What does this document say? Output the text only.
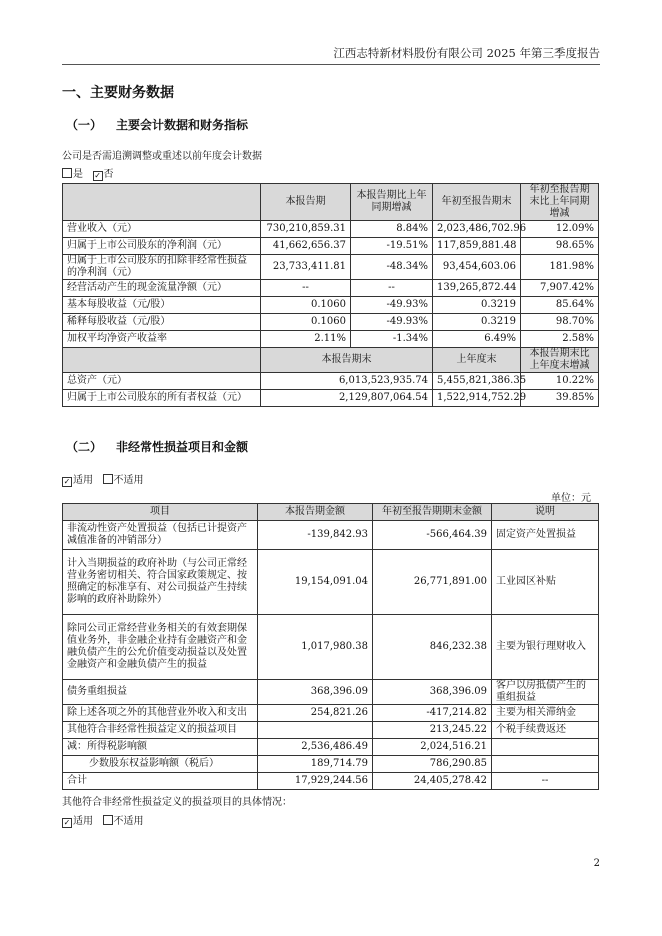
江西志特新材料股份有限公司 2025 年第三季度报告
一、主要财务数据
（一） 主要会计数据和财务指标
公司是否需追溯调整或重述以前年度会计数据
是 ✓ 否
	本报告期	本报告期比上年同期增减	年初至报告期末	年初至报告期末比上年同期增减
营业收入（元）	730,210,859.31	8.84%	2,023,486,702.96	12.09%
归属于上市公司股东的净利润（元）	41,662,656.37	-19.51%	117,859,881.48	98.65%
归属于上市公司股东的扣除非经常性损益的净利润（元）	23,733,411.81	-48.34%	93,454,603.06	181.98%
经营活动产生的现金流量净额（元）	--	--	139,265,872.44	7,907.42%
基本每股收益（元/股）	0.1060	-49.93%	0.3219	85.64%
稀释每股收益（元/股）	0.1060	-49.93%	0.3219	98.70%
加权平均净资产收益率	2.11%	-1.34%	6.49%	2.58%
	本报告期末		上年度末	本报告期末比上年度末增减
总资产（元）	6,013,523,935.74		5,455,821,386.35	10.22%
归属于上市公司股东的所有者权益（元）	2,129,807,064.54		1,522,914,752.29	39.85%
（二） 非经常性损益项目和金额
✓ 适用 不适用
单位：元
项目	本报告期金额	年初至报告期期末金额	说明
非流动性资产处置损益（包括已计提资产减值准备的冲销部分）	-139,842.93	-566,464.39	固定资产处置损益
计入当期损益的政府补助（与公司正常经营业务密切相关、符合国家政策规定、按照确定的标准享有、对公司损益产生持续影响的政府补助除外）	19,154,091.04	26,771,891.00	工业园区补贴
除同公司正常经营业务相关的有效套期保值业务外，非金融企业持有金融资产和金融负债产生的公允价值变动损益以及处置金融资产和金融负债产生的损益	1,017,980.38	846,232.38	主要为银行理财收入
债务重组损益	368,396.09	368,396.09	客户以房抵债产生的重组损益
除上述各项之外的其他营业外收入和支出	254,821.26	-417,214.82	主要为相关滞纳金
其他符合非经常性损益定义的损益项目		213,245.22	个税手续费返还
减：所得税影响额	2,536,486.49	2,024,516.21	
少数股东权益影响额（税后）	189,714.79	786,290.85	
合计	17,929,244.56	24,405,278.42	--
其他符合非经常性损益定义的损益项目的具体情况：
✓ 适用 不适用
2
